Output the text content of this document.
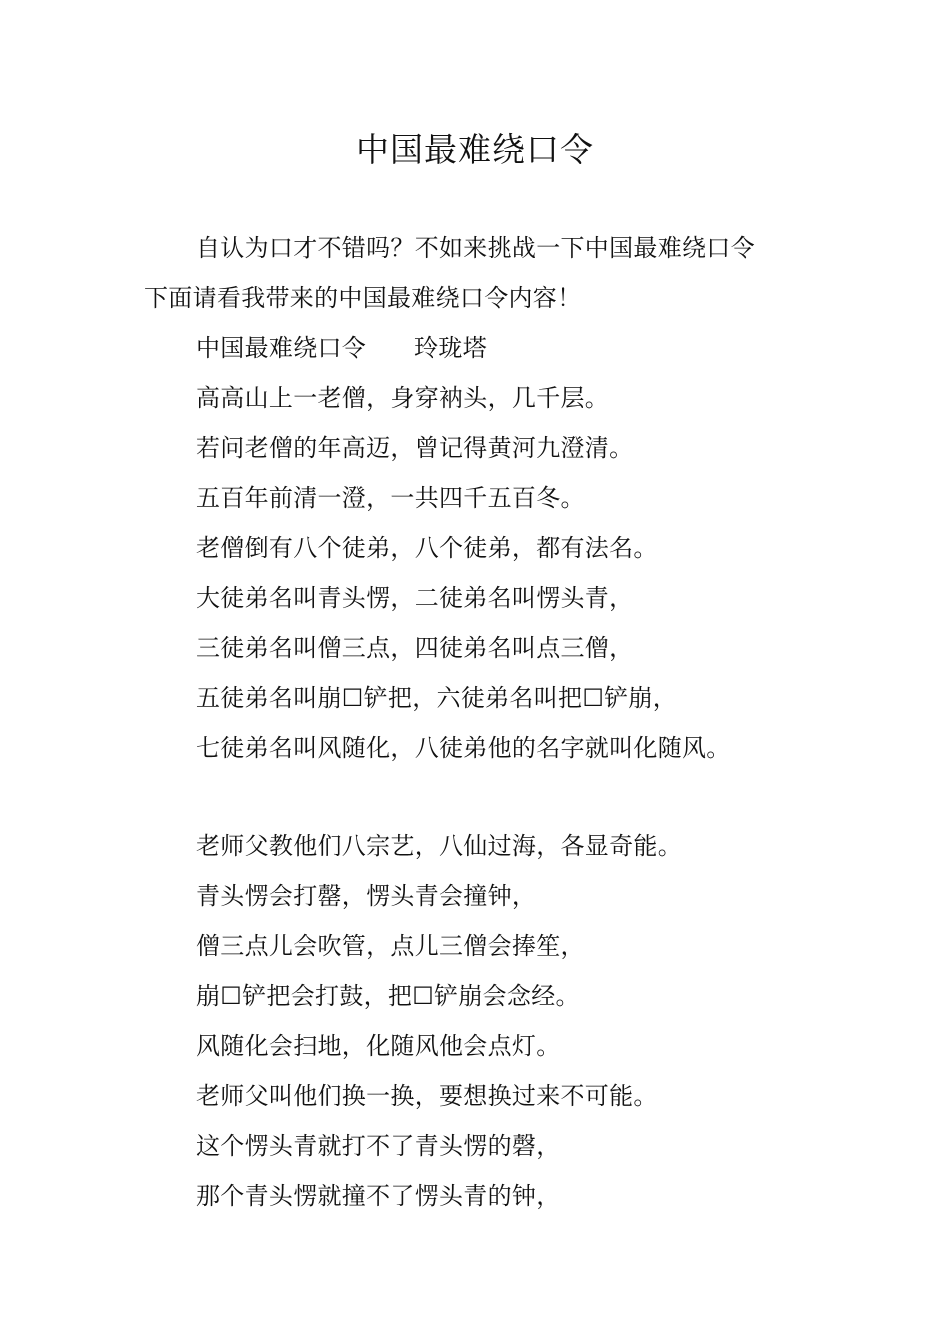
中国最难绕口令
自认为口才不错吗？不如来挑战一下中国最难绕口令
下面请看我带来的中国最难绕口令内容！
中国最难绕口令 玲珑塔
高高山上一老僧，身穿衲头，几千层。
若问老僧的年高迈，曾记得黄河九澄清。
五百年前清一澄，一共四千五百冬。
老僧倒有八个徒弟，八个徒弟，都有法名。
大徒弟名叫青头愣，二徒弟名叫愣头青，
三徒弟名叫僧三点，四徒弟名叫点三僧，
五徒弟名叫崩☐铲把，六徒弟名叫把☐铲崩，
七徒弟名叫风随化，八徒弟他的名字就叫化随风。
老师父教他们八宗艺，八仙过海，各显奇能。
青头愣会打罄，愣头青会撞钟，
僧三点儿会吹管，点儿三僧会捧笙，
崩☐铲把会打鼓，把☐铲崩会念经。
风随化会扫地，化随风他会点灯。
老师父叫他们换一换，要想换过来不可能。
这个愣头青就打不了青头愣的磬，
那个青头愣就撞不了愣头青的钟，
